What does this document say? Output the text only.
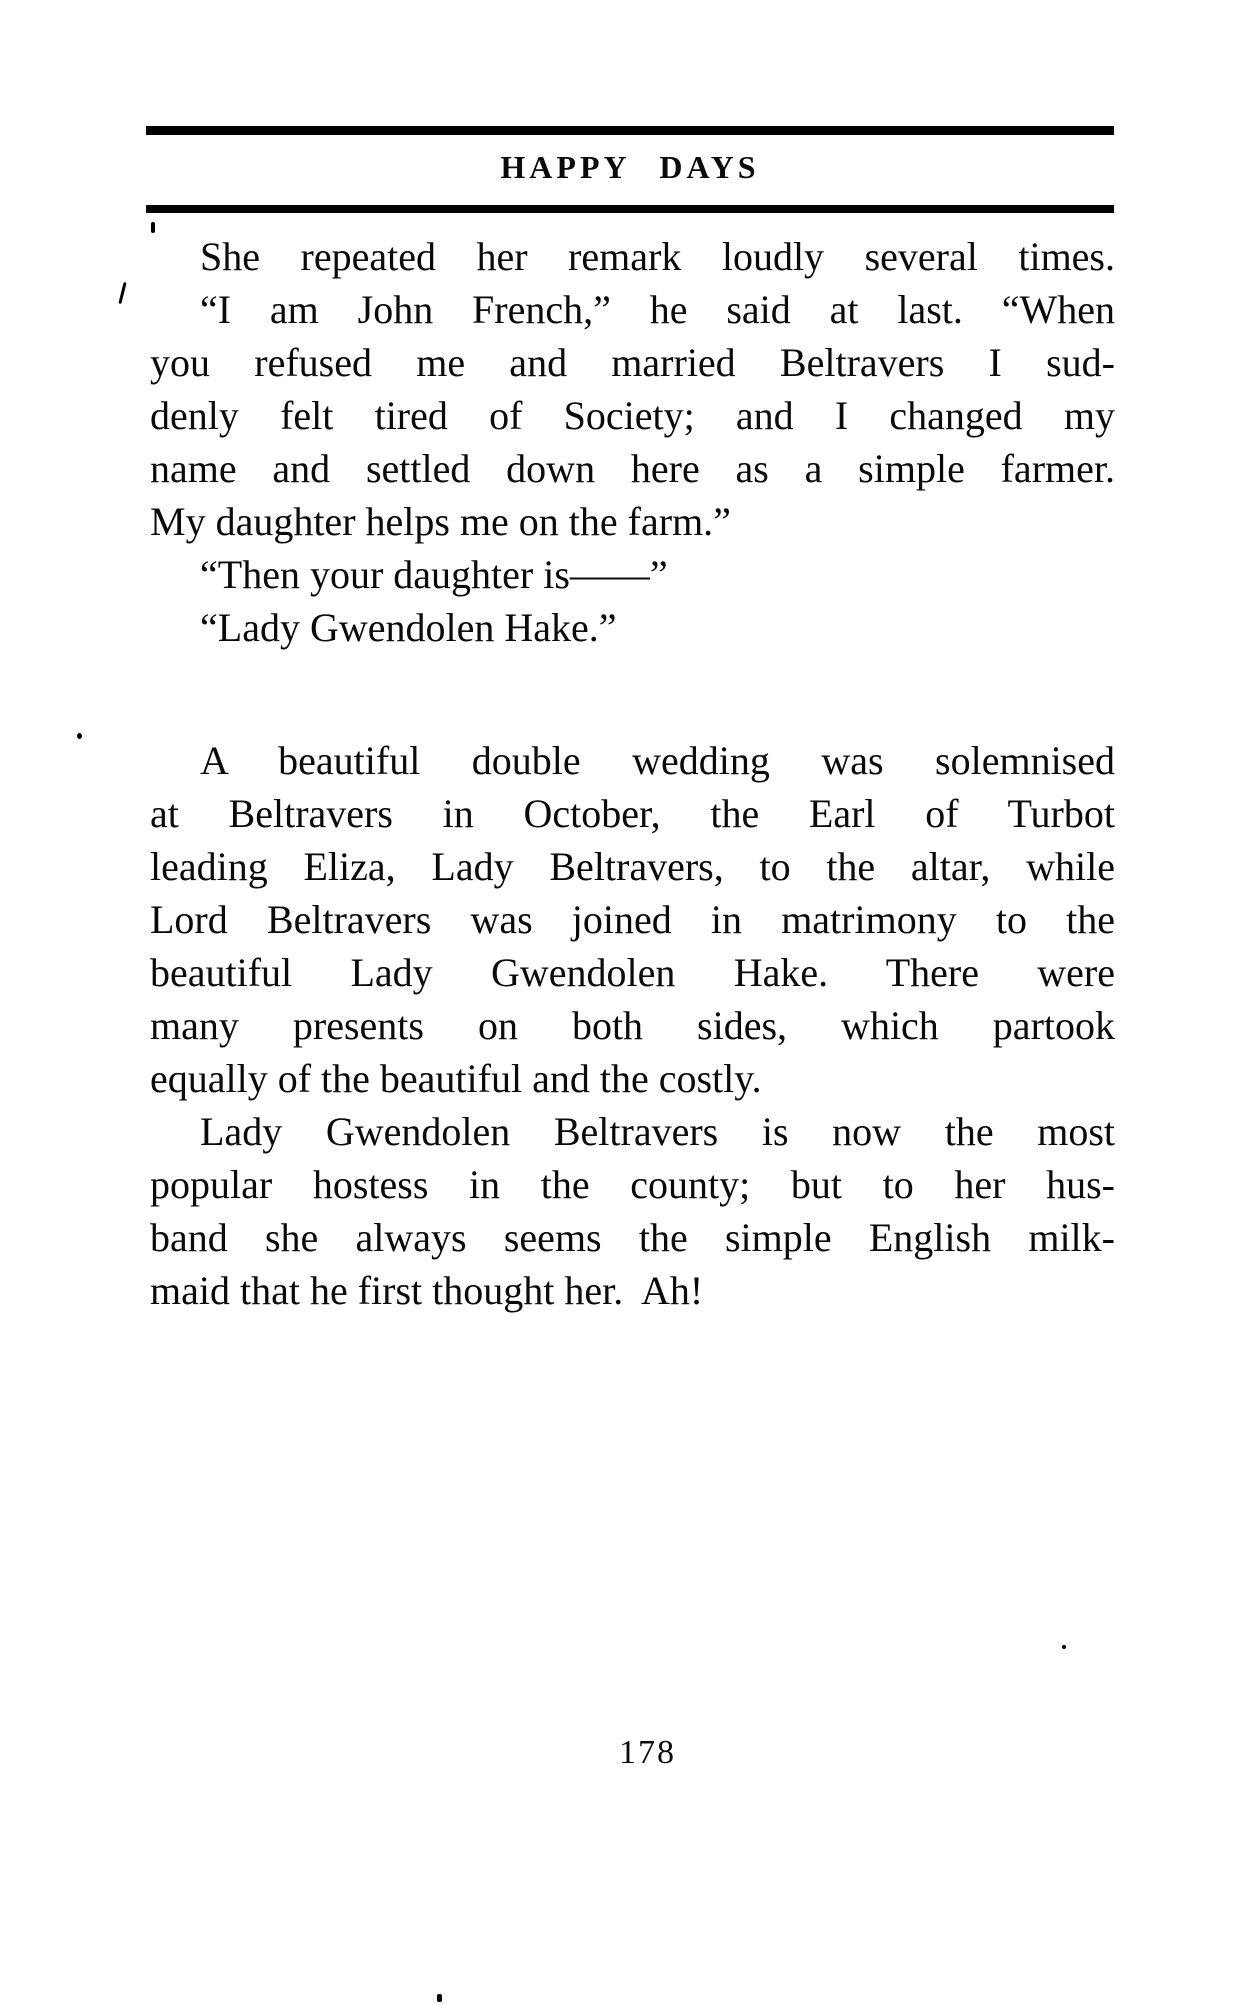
HAPPY DAYS
She repeated her remark loudly several times.
“I am John French,” he said at last. “When
you refused me and married Beltravers I sud-
denly felt tired of Society; and I changed my
name and settled down here as a simple farmer.
My daughter helps me on the farm.”
“Then your daughter is——”
“Lady Gwendolen Hake.”
A beautiful double wedding was solemnised
at Beltravers in October, the Earl of Turbot
leading Eliza, Lady Beltravers, to the altar, while
Lord Beltravers was joined in matrimony to the
beautiful Lady Gwendolen Hake. There were
many presents on both sides, which partook
equally of the beautiful and the costly.
Lady Gwendolen Beltravers is now the most
popular hostess in the county; but to her hus-
band she always seems the simple English milk-
maid that he first thought her.  Ah!
178
